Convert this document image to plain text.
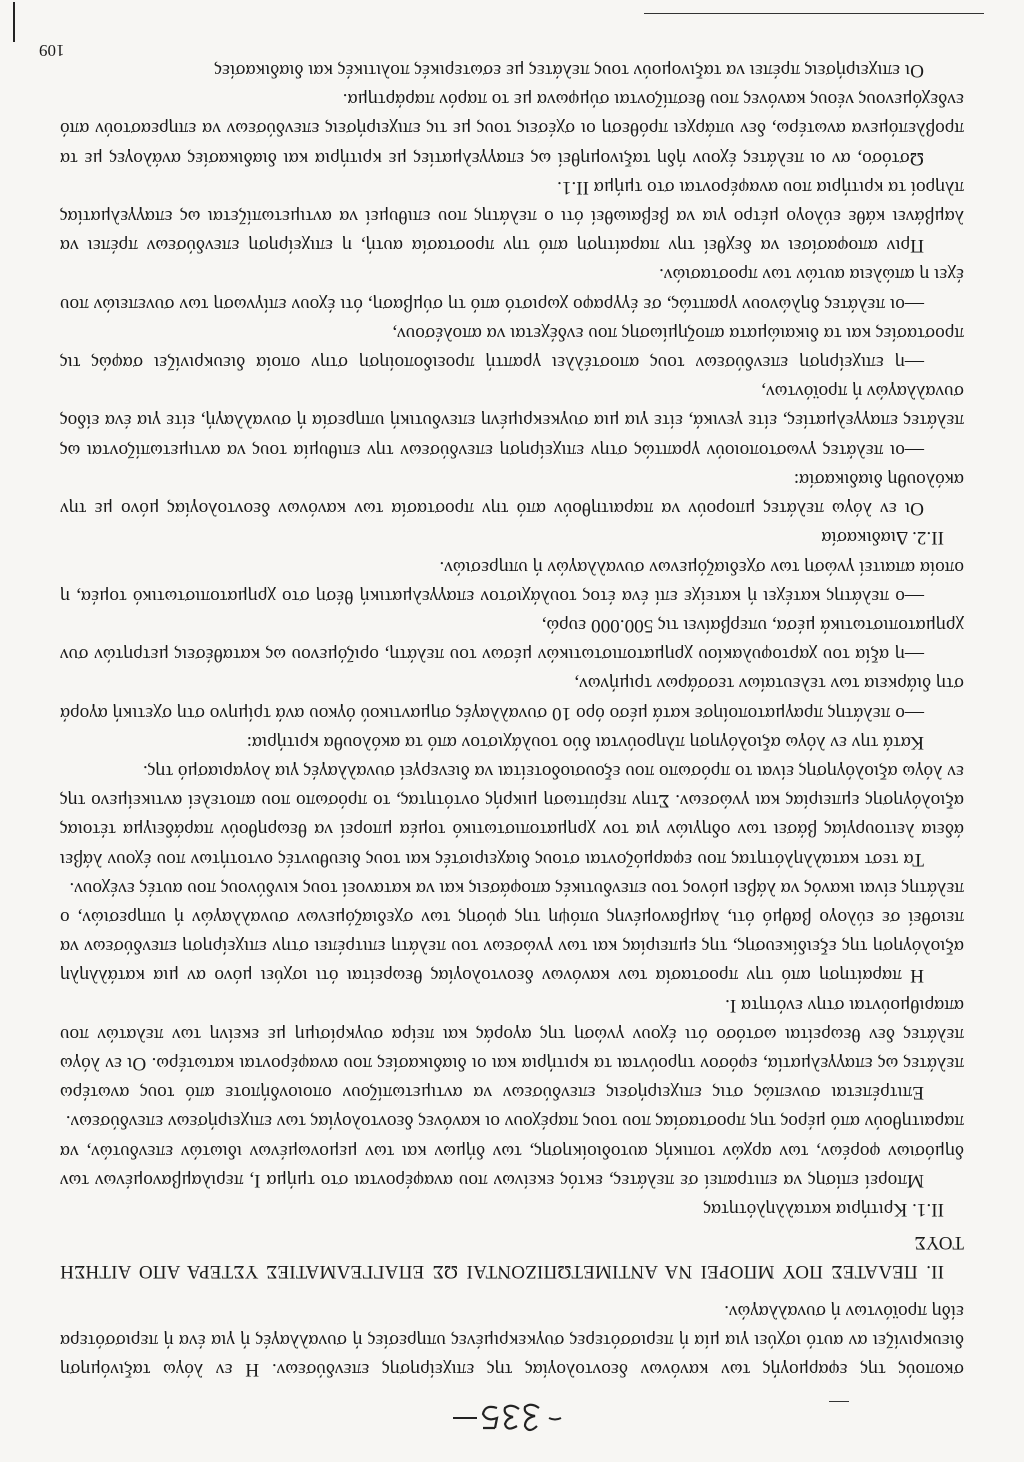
σκοπούς της εφαρμογής των κανόνων δεοντολογίας της επιχείρησης επενδύσεων. Η εν λόγω ταξινόμηση διευκρινίζει αν αυτό ισχύει για μία ή περισσότερες συγκεκριμένες υπηρεσίες ή συναλλαγές ή για ένα ή περισσότερα είδη προϊόντων ή συναλλαγών.

ΙΙ. ΠΕΛΑΤΕΣ ΠΟΥ ΜΠΟΡΕΙ ΝΑ ΑΝΤΙΜΕΤΩΠΙΖΟΝΤΑΙ ΩΣ ΕΠΑΓΓΕΛΜΑΤΙΕΣ ΥΣΤΕΡΑ ΑΠΟ ΑΙΤΗΣΗ ΤΟΥΣ

ΙΙ.1. Κριτήρια καταλληλότητας

Μπορεί επίσης να επιτραπεί σε πελάτες, εκτός εκείνων που αναφέρονται στο τμήμα Ι, περιλαμβανομένων των δημόσιων φορέων, των αρχών τοπικής αυτοδιοίκησης, των δήμων και των μεμονωμένων ιδιωτών επενδυτών, να παραιτηθούν από μέρος της προστασίας που τους παρέχουν οι κανόνες δεοντολογίας των επιχειρήσεων επενδύσεων.

Επιτρέπεται συνεπώς στις επιχειρήσεις επενδύσεων να αντιμετωπίζουν οποιονδήποτε από τους ανωτέρω πελάτες ως επαγγελματία, εφόσον τηρούνται τα κριτήρια και οι διαδικασίες που αναφέρονται κατωτέρω. Οι εν λόγω πελάτες δεν θεωρείται ωστόσο ότι έχουν γνώση της αγοράς και πείρα συγκρίσιμη με εκείνη των πελατών που απαριθμούνται στην ενότητα Ι.

Η παραίτηση από την προστασία των κανόνων δεοντολογίας θεωρείται ότι ισχύει μόνο αν μια κατάλληλη αξιολόγηση της εξειδίκευσης, της εμπειρίας και των γνώσεων του πελάτη επιτρέπει στην επιχείρηση επενδύσεων να πεισθεί σε εύλογο βαθμό ότι, λαμβανομένης υπόψη της φύσης των σχεδιαζόμενων συναλλαγών ή υπηρεσιών, ο πελάτης είναι ικανός να λάβει μόνος του επενδυτικές αποφάσεις και να κατανοεί τους κινδύνους που αυτές ενέχουν.

Τα τεστ καταλληλότητας που εφαρμόζονται στους διαχειριστές και τους διευθυντές οντοτήτων που έχουν λάβει άδεια λειτουργίας βάσει των οδηγιών για τον χρηματοπιστωτικό τομέα μπορεί να θεωρηθούν παράδειγμα τέτοιας αξιολόγησης εμπειρίας και γνώσεων. Στην περίπτωση μικρής οντότητας, το πρόσωπο που αποτελεί αντικείμενο της εν λόγω αξιολόγησης είναι το πρόσωπο που εξουσιοδοτείται να διενεργεί συναλλαγές για λογαριασμό της.

Κατά την εν λόγω αξιολόγηση πληρούνται δύο τουλάχιστον από τα ακόλουθα κριτήρια:

—ο πελάτης πραγματοποίησε κατά μέσο όρο 10 συναλλαγές σημαντικού όγκου ανά τρίμηνο στη σχετική αγορά στη διάρκεια των τελευταίων τεσσάρων τριμήνων,

—η αξία του χαρτοφυλακίου χρηματοπιστωτικών μέσων του πελάτη, οριζόμενου ως καταθέσεις μετρητών συν χρηματοπιστωτικά μέσα, υπερβαίνει τις 500.000 ευρώ,

—ο πελάτης κατέχει ή κατείχε επί ένα έτος τουλάχιστον επαγγελματική θέση στο χρηματοπιστωτικό τομέα, η οποία απαιτεί γνώση των σχεδιαζόμενων συναλλαγών ή υπηρεσιών.

ΙΙ.2. Διαδικασία

Οι εν λόγω πελάτες μπορούν να παραιτηθούν από την προστασία των κανόνων δεοντολογίας μόνο με την ακόλουθη διαδικασία:

—οι πελάτες γνωστοποιούν γραπτώς στην επιχείρηση επενδύσεων την επιθυμία τους να αντιμετωπίζονται ως πελάτες επαγγελματίες, είτε γενικά, είτε για μια συγκεκριμένη επενδυτική υπηρεσία ή συναλλαγή, είτε για ένα είδος συναλλαγών ή προϊόντων,

—η επιχείρηση επενδύσεων τους αποστέλλει γραπτή προειδοποίηση στην οποία διευκρινίζει σαφώς τις προστασίες και τα δικαιώματα αποζημίωσης που ενδέχεται να απολέσουν,

—οι πελάτες δηλώνουν γραπτώς, σε έγγραφο χωριστό από τη σύμβαση, ότι έχουν επίγνωση των συνεπειών που έχει η απώλεια αυτών των προστασιών.

Πριν αποφασίσει να δεχθεί την παραίτηση από την προστασία αυτή, η επιχείρηση επενδύσεων πρέπει να λαμβάνει κάθε εύλογο μέτρο για να βεβαιωθεί ότι ο πελάτης που επιθυμεί να αντιμετωπίζεται ως επαγγελματίας πληροί τα κριτήρια που αναφέρονται στο τμήμα ΙΙ.1.

Ωστόσο, αν οι πελάτες έχουν ήδη ταξινομηθεί ως επαγγελματίες με κριτήρια και διαδικασίες ανάλογες με τα προβλεπόμενα ανωτέρω, δεν υπάρχει πρόθεση οι σχέσεις τους με τις επιχειρήσεις επενδύσεων να επηρεαστούν από ενδεχόμενους νέους κανόνες που θεσπίζονται σύμφωνα με το παρόν παράρτημα.

Οι επιχειρήσεις πρέπει να ταξινομούν τους πελάτες με εσωτερικές πολιτικές και διαδικασίες

109
